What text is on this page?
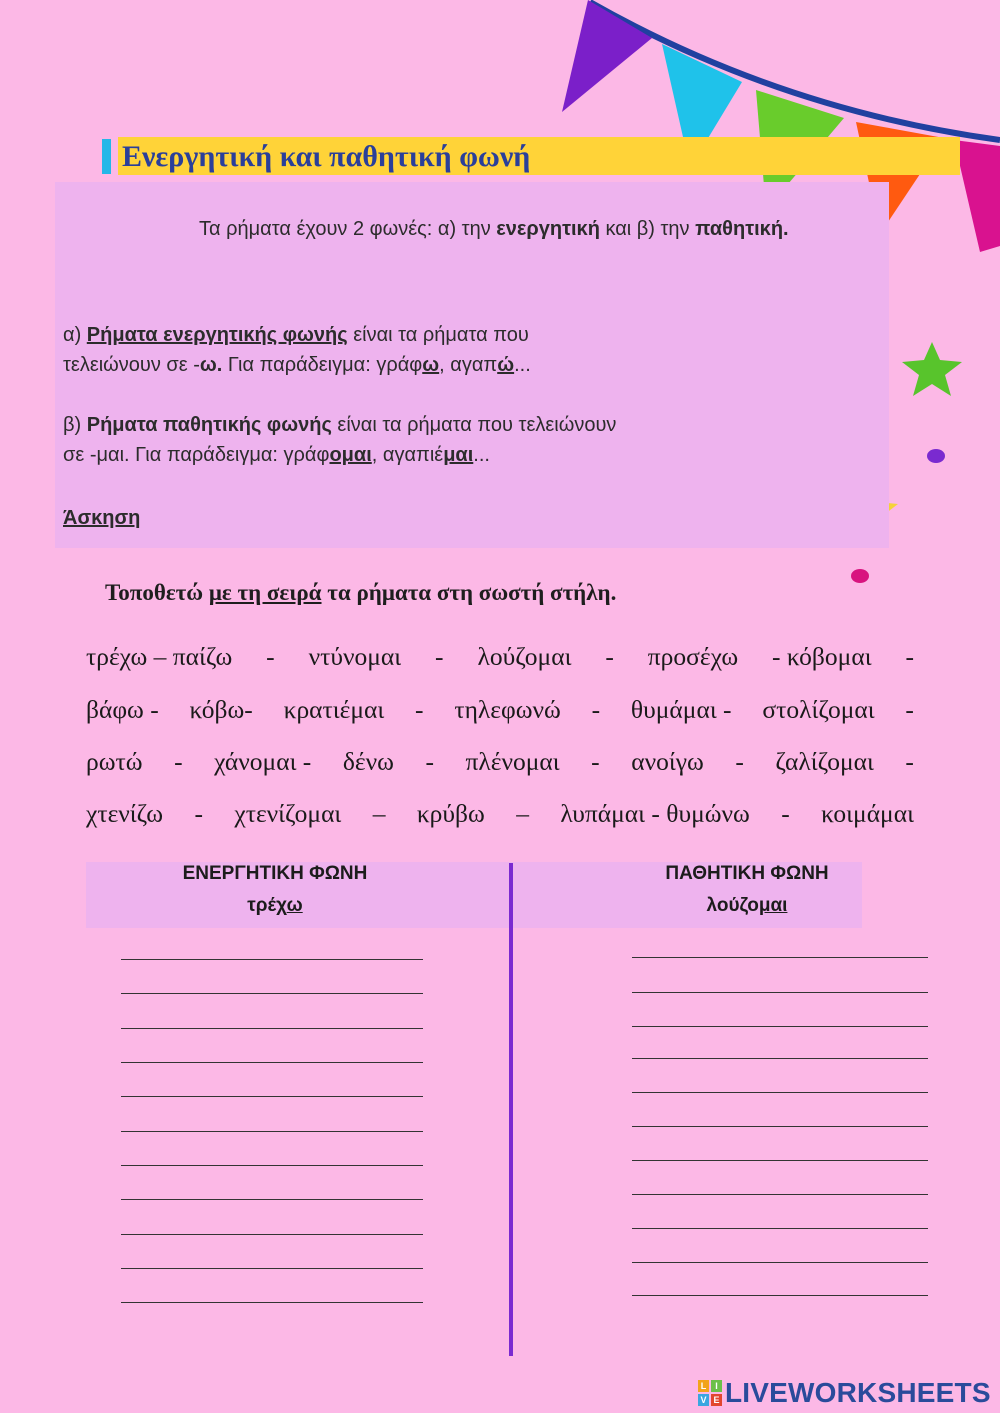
Ενεργητική και παθητική φωνή
Τα ρήματα έχουν 2 φωνές: α) την ενεργητική και β) την παθητική.
α) Ρήματα ενεργητικής φωνής είναι τα ρήματα που
τελειώνουν σε -ω. Για παράδειγμα: γράφω, αγαπώ...
β) Ρήματα παθητικής φωνής είναι τα ρήματα που τελειώνουν
σε -μαι. Για παράδειγμα: γράφομαι, αγαπιέμαι...
Άσκηση
Τοποθετώ με τη σειρά τα ρήματα στη σωστή στήλη.
τρέχω – παίζω - ντύνομαι - λούζομαι - προσέχω - κόβομαι -
βάφω - κόβω- κρατιέμαι - τηλεφωνώ - θυμάμαι - στολίζομαι -
ρωτώ - χάνομαι - δένω - πλένομαι - ανοίγω - ζαλίζομαι -
χτενίζω - χτενίζομαι – κρύβω – λυπάμαι - θυμώνω - κοιμάμαι
ΕΝΕΡΓΗΤΙΚΗ ΦΩΝΗ
τρέχω
ΠΑΘΗΤΙΚΗ ΦΩΝΗ
λούζομαι
L I
V E LIVEWORKSHEETS
